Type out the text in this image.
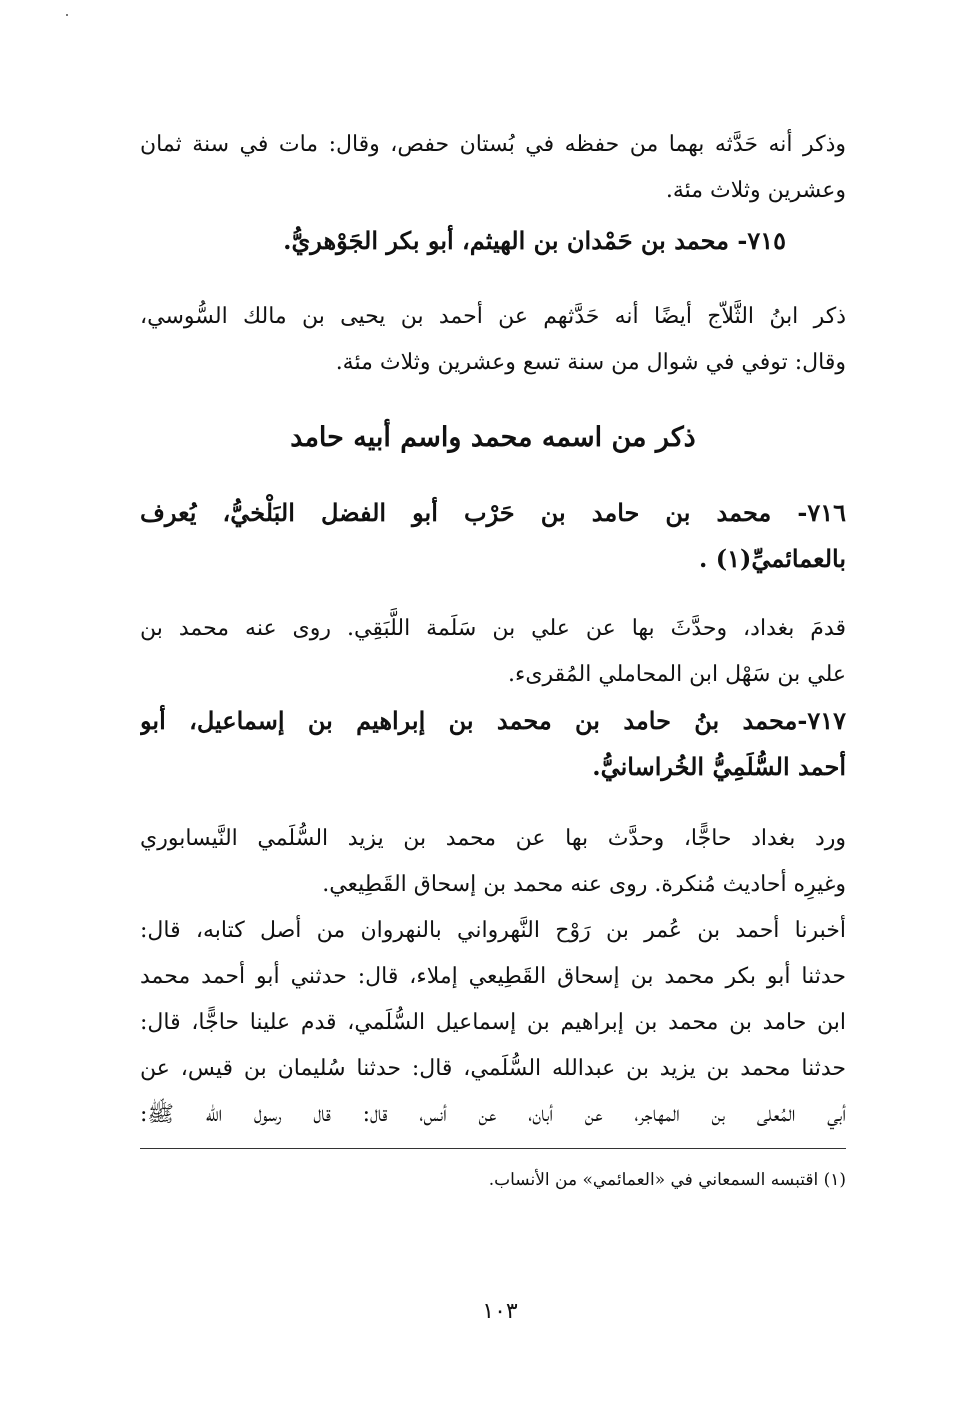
وذكر أنه حَدَّثه بهما من حفظه في بُستان حفص، وقال: مات في سنة ثمان
وعشرين وثلاث مئة.
٧١٥- محمد بن حَمْدان بن الهيثم، أبو بكر الجَوْهريُّ.
ذكر ابنُ الثَّلاّج أيضًا أنه حَدَّثهم عن أحمد بن يحيى بن مالك السُّوسي،
وقال: توفي في شوال من سنة تسع وعشرين وثلاث مئة.
ذكر من اسمه محمد واسم أبيه حامد
٧١٦- محمد بن حامد بن حَرْب أبو الفضل البَلْخيُّ، يُعرف
بالعمائميِّ(١) .
قدمَ بغداد، وحدَّثَ بها عن علي بن سَلَمة اللَّبَقِي. روى عنه محمد بن
علي بن سَهْل ابن المحاملي المُقرىء.
٧١٧-محمد بنُ حامد بن محمد بن إبراهيم بن إسماعيل، أبو
أحمد السُّلَمِيُّ الخُراسانيُّ.
ورد بغداد حاجًّا، وحدَّث بها عن محمد بن يزيد السُّلَمي النَّيسابوري
وغيرِه أحاديث مُنكرة. روى عنه محمد بن إسحاق القَطِيعي.
أخبرنا أحمد بن عُمر بن رَوْح النَّهرواني بالنهروان من أصل كتابه، قال:
حدثنا أبو بكر محمد بن إسحاق القَطِيعي إملاء، قال: حدثني أبو أحمد محمد
ابن حامد بن محمد بن إبراهيم بن إسماعيل السُّلَمي، قدم علينا حاجًّا، قال:
حدثنا محمد بن يزيد بن عبدالله السُّلَمي، قال: حدثنا سُليمان بن قيس، عن
أبي المُعلى بن المهاجر، عن أبان، عن أنس، قال: قال رسول الله ﷺ:
(١) اقتبسه السمعاني في «العمائمي» من الأنساب.
١٠٣
